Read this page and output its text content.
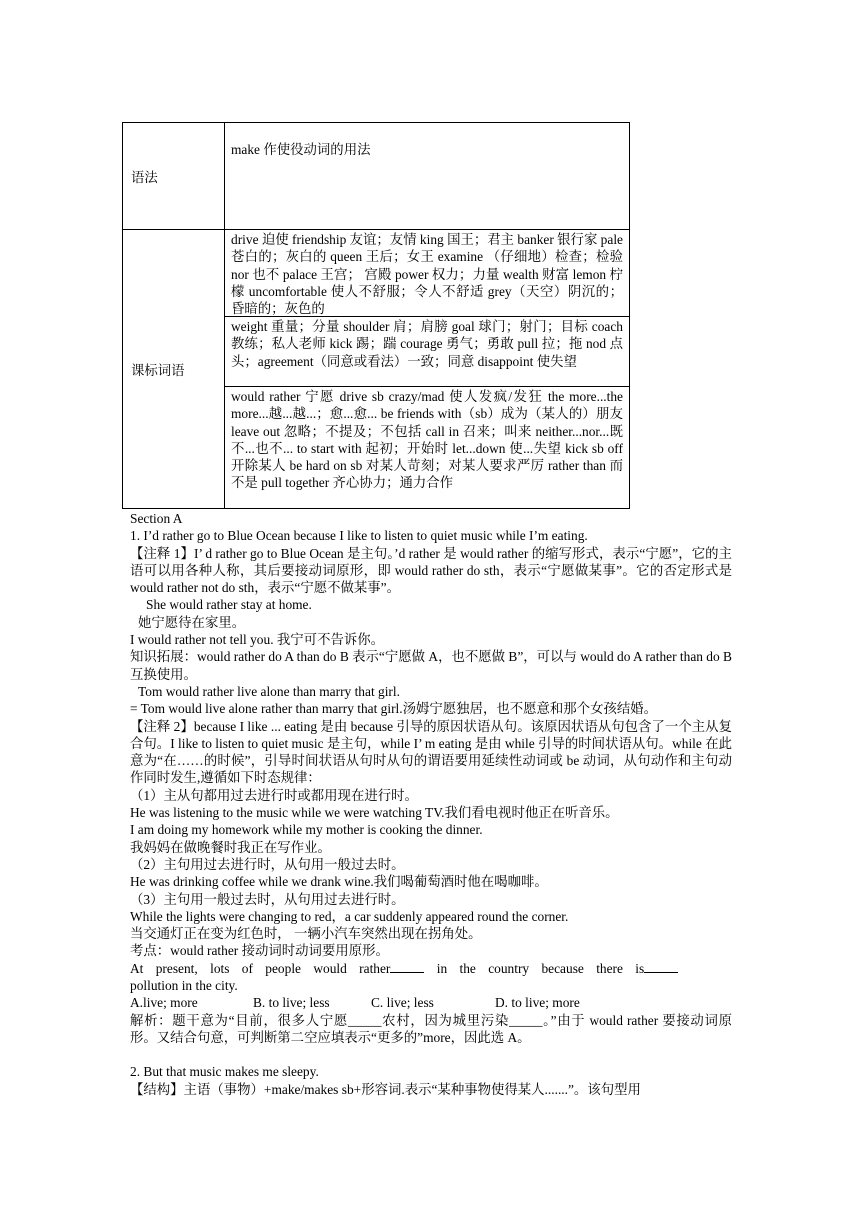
语法	make 作使役动词的用法
课标词语	drive 迫使 friendship 友谊；友情 king 国王；君主 banker 银行家 pale 苍白的；灰白的 queen 王后；女王 examine （仔细地）检查；检验 nor 也不 palace 王宫； 宫殿 power 权力；力量 wealth 财富 lemon 柠檬 uncomfortable 使人不舒服；令人不舒适 grey（天空）阴沉的；昏暗的；灰色的
weight 重量；分量 shoulder 肩；肩膀 goal 球门；射门；目标 coach 教练；私人老师 kick 踢；踹 courage 勇气；勇敢 pull 拉；拖 nod 点头；agreement（同意或看法）一致；同意 disappoint 使失望
would rather 宁愿 drive sb crazy/mad 使人发疯/发狂 the more...the more...越...越...；愈...愈... be friends with（sb）成为（某人的）朋友 leave out 忽略；不提及；不包括 call in 召来；叫来 neither...nor...既不...也不... to start with 起初；开始时 let...down 使...失望 kick sb off 开除某人 be hard on sb 对某人苛刻；对某人要求严厉 rather than 而不是 pull together 齐心协力；通力合作

Section A

1. I’d rather go to Blue Ocean because I like to listen to quiet music while I’m eating.

【注释 1】I’ d rather go to Blue Ocean 是主句。’d rather 是 would rather 的缩写形式，表示“宁愿”，它的主语可以用各种人称，其后要接动词原形，即 would rather do sth，表示“宁愿做某事”。它的否定形式是 would rather not do sth，表示“宁愿不做某事”。

She would rather stay at home.

她宁愿待在家里。

I would rather not tell you. 我宁可不告诉你。

知识拓展：would rather do A than do B 表示“宁愿做 A，也不愿做 B”，可以与 would do A rather than do B 互换使用。

Tom would rather live alone than marry that girl.

= Tom would live alone rather than marry that girl.汤姆宁愿独居，也不愿意和那个女孩结婚。

【注释 2】because I like ... eating 是由 because 引导的原因状语从句。该原因状语从句包含了一个主从复合句。I like to listen to quiet music 是主句，while I’ m eating 是由 while 引导的时间状语从句。while 在此意为“在……的时候”，引导时间状语从句时从句的谓语要用延续性动词或 be 动词，从句动作和主句动作同时发生,遵循如下时态规律：

（1）主从句都用过去进行时或都用现在进行时。

He was listening to the music while we were watching TV.我们看电视时他正在听音乐。

I am doing my homework while my mother is cooking the dinner.

我妈妈在做晚餐时我正在写作业。

（2）主句用过去进行时，从句用一般过去时。

He was drinking coffee while we drank wine.我们喝葡萄酒时他在喝咖啡。

（3）主句用一般过去时，从句用过去进行时。

While the lights were changing to red，a car suddenly appeared round the corner.

当交通灯正在变为红色时， 一辆小汽车突然出现在拐角处。

考点：would rather 接动词时动词要用原形。

At present, lots of people would rather	in the country because there is

pollution in the city.

A.live; more	B. to live; less	C. live; less	D. to live; more

解析：题干意为“目前，很多人宁愿_____农村，因为城里污染_____。”由于 would rather 要接动词原形。又结合句意，可判断第二空应填表示“更多的”more，因此选 A。

2. But that music makes me sleepy.

【结构】主语（事物）+make/makes sb+形容词.表示“某种事物使得某人.......”。该句型用
